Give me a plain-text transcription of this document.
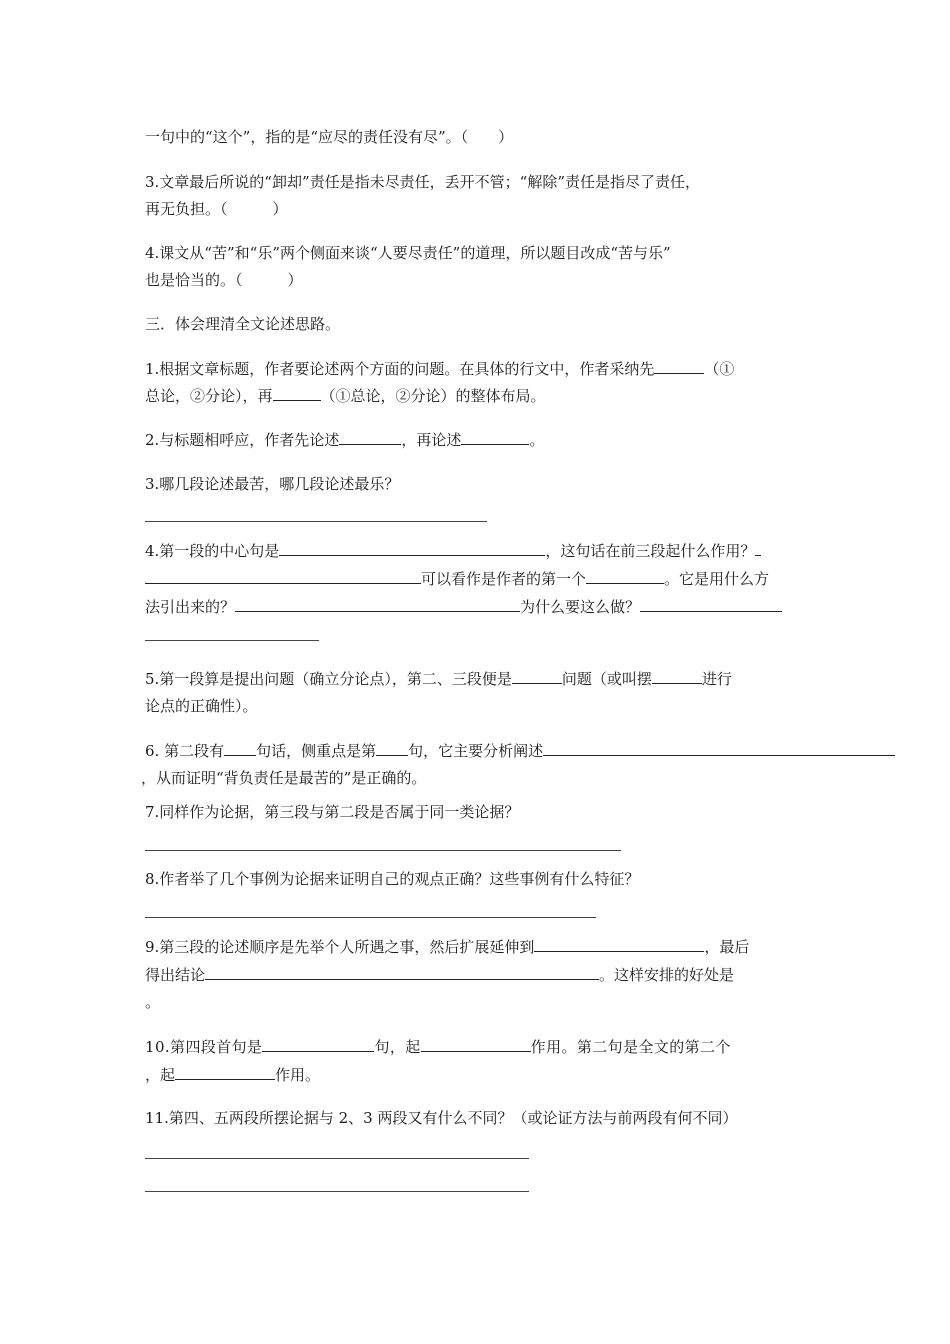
一句中的“这个”，指的是“应尽的责任没有尽”。（　　）
3.文章最后所说的“卸却”责任是指未尽责任，丢开不管；“解除”责任是指尽了责任，
再无负担。（　　　）
4.课文从“苦”和“乐”两个侧面来谈“人要尽责任”的道理，所以题目改成“苦与乐”
也是恰当的。（　　　）
三．体会理清全文论述思路。
1.根据文章标题，作者要论述两个方面的问题。在具体的行文中，作者采纳先	（①
总论，②分论），再	（①总论，②分论）的整体布局。
2.与标题相呼应，作者先论述	，再论述	。
3.哪几段论述最苦，哪几段论述最乐？
4.第一段的中心句是	，这句话在前三段起什么作用？
可以看作是作者的第一个	。它是用什么方
法引出来的？	为什么要这么做？
5.第一段算是提出问题（确立分论点），第二、三段便是	问题（或叫摆	进行
论点的正确性）。
6. 第二段有 句话，侧重点是第 句，它主要分析阐述
，从而证明“背负责任是最苦的”是正确的。
7.同样作为论据，第三段与第二段是否属于同一类论据？
8.作者举了几个事例为论据来证明自己的观点正确？这些事例有什么特征？
9.第三段的论述顺序是先举个人所遇之事，然后扩展延伸到	，最后
得出结论	。这样安排的好处是
。
10.第四段首句是	句，起	作用。第二句是全文的第二个
，起	作用。
11.第四、五两段所摆论据与 2、3 两段又有什么不同？（或论证方法与前两段有何不同）
